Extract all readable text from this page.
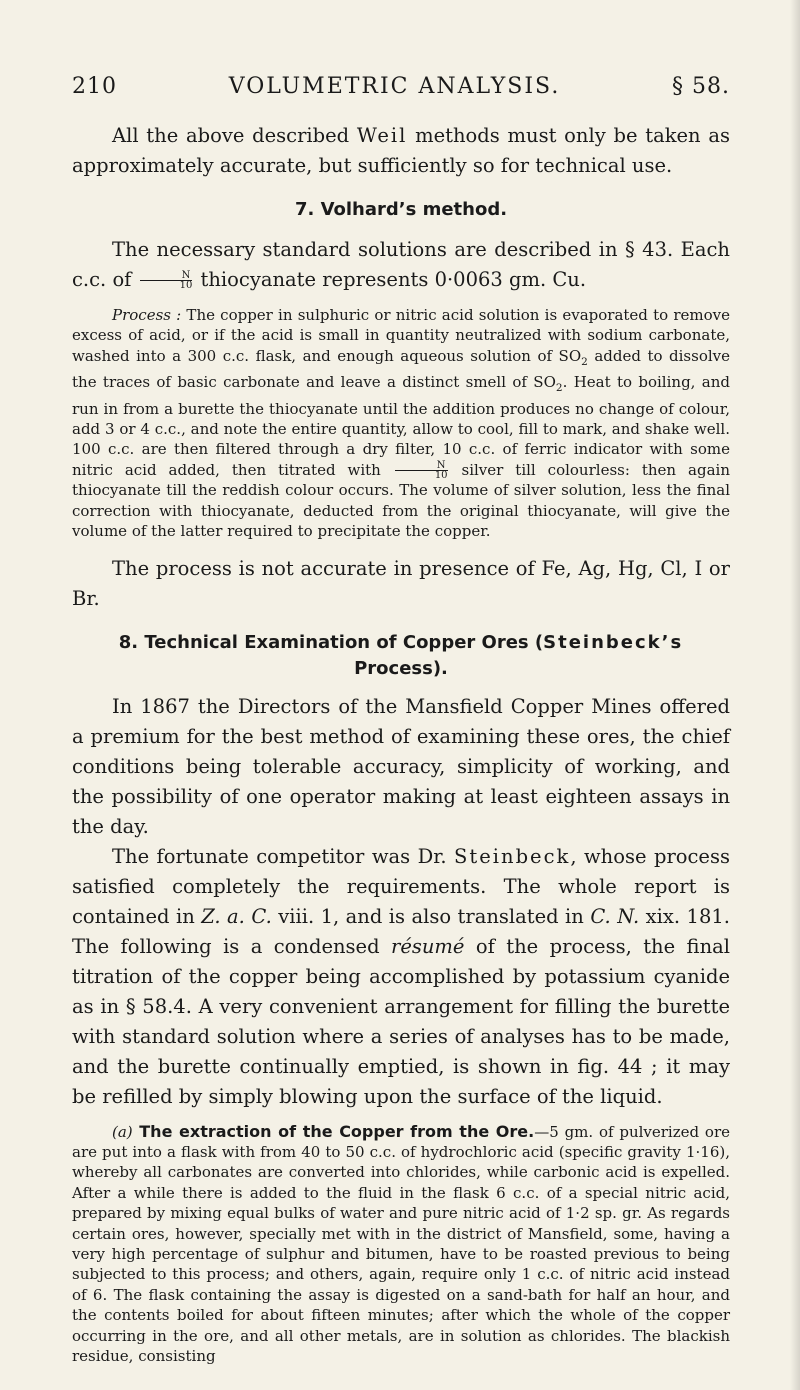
210	VOLUMETRIC ANALYSIS.	§ 58.

All the above described Weil methods must only be taken as approximately accurate, but sufficiently so for technical use.

7. Volhard’s method.

The necessary standard solutions are described in § 43. Each c.c. of $\frac{N}{10}$ thiocyanate represents 0·0063 gm. Cu.

Process : The copper in sulphuric or nitric acid solution is evaporated to remove excess of acid, or if the acid is small in quantity neutralized with sodium carbonate, washed into a 300 c.c. flask, and enough aqueous solution of $SO_2$ added to dissolve the traces of basic carbonate and leave a distinct smell of $SO_2$. Heat to boiling, and run in from a burette the thiocyanate until the addition produces no change of colour, add 3 or 4 c.c., and note the entire quantity, allow to cool, fill to mark, and shake well. 100 c.c. are then filtered through a dry filter, 10 c.c. of ferric indicator with some nitric acid added, then titrated with $\frac{N}{10}$ silver till colourless: then again thiocyanate till the reddish colour occurs. The volume of silver solution, less the final correction with thiocyanate, deducted from the original thiocyanate, will give the volume of the latter required to precipitate the copper.

The process is not accurate in presence of Fe, Ag, Hg, Cl, I or Br.

8. Technical Examination of Copper Ores (Steinbeck’s
Process).

In 1867 the Directors of the Mansfield Copper Mines offered a premium for the best method of examining these ores, the chief conditions being tolerable accuracy, simplicity of working, and the possibility of one operator making at least eighteen assays in the day.

The fortunate competitor was Dr. Steinbeck, whose process satisfied completely the requirements. The whole report is contained in Z. a. C. viii. 1, and is also translated in C. N. xix. 181. The following is a condensed résumé of the process, the final titration of the copper being accomplished by potassium cyanide as in § 58.4. A very convenient arrangement for filling the burette with standard solution where a series of analyses has to be made, and the burette continually emptied, is shown in fig. 44 ; it may be refilled by simply blowing upon the surface of the liquid.

(a) The extraction of the Copper from the Ore.—5 gm. of pulverized ore are put into a flask with from 40 to 50 c.c. of hydrochloric acid (specific gravity 1·16), whereby all carbonates are converted into chlorides, while carbonic acid is expelled. After a while there is added to the fluid in the flask 6 c.c. of a special nitric acid, prepared by mixing equal bulks of water and pure nitric acid of 1·2 sp. gr. As regards certain ores, however, specially met with in the district of Mansfield, some, having a very high percentage of sulphur and bitumen, have to be roasted previous to being subjected to this process; and others, again, require only 1 c.c. of nitric acid instead of 6. The flask containing the assay is digested on a sand-bath for half an hour, and the contents boiled for about fifteen minutes; after which the whole of the copper occurring in the ore, and all other metals, are in solution as chlorides. The blackish residue, consisting
